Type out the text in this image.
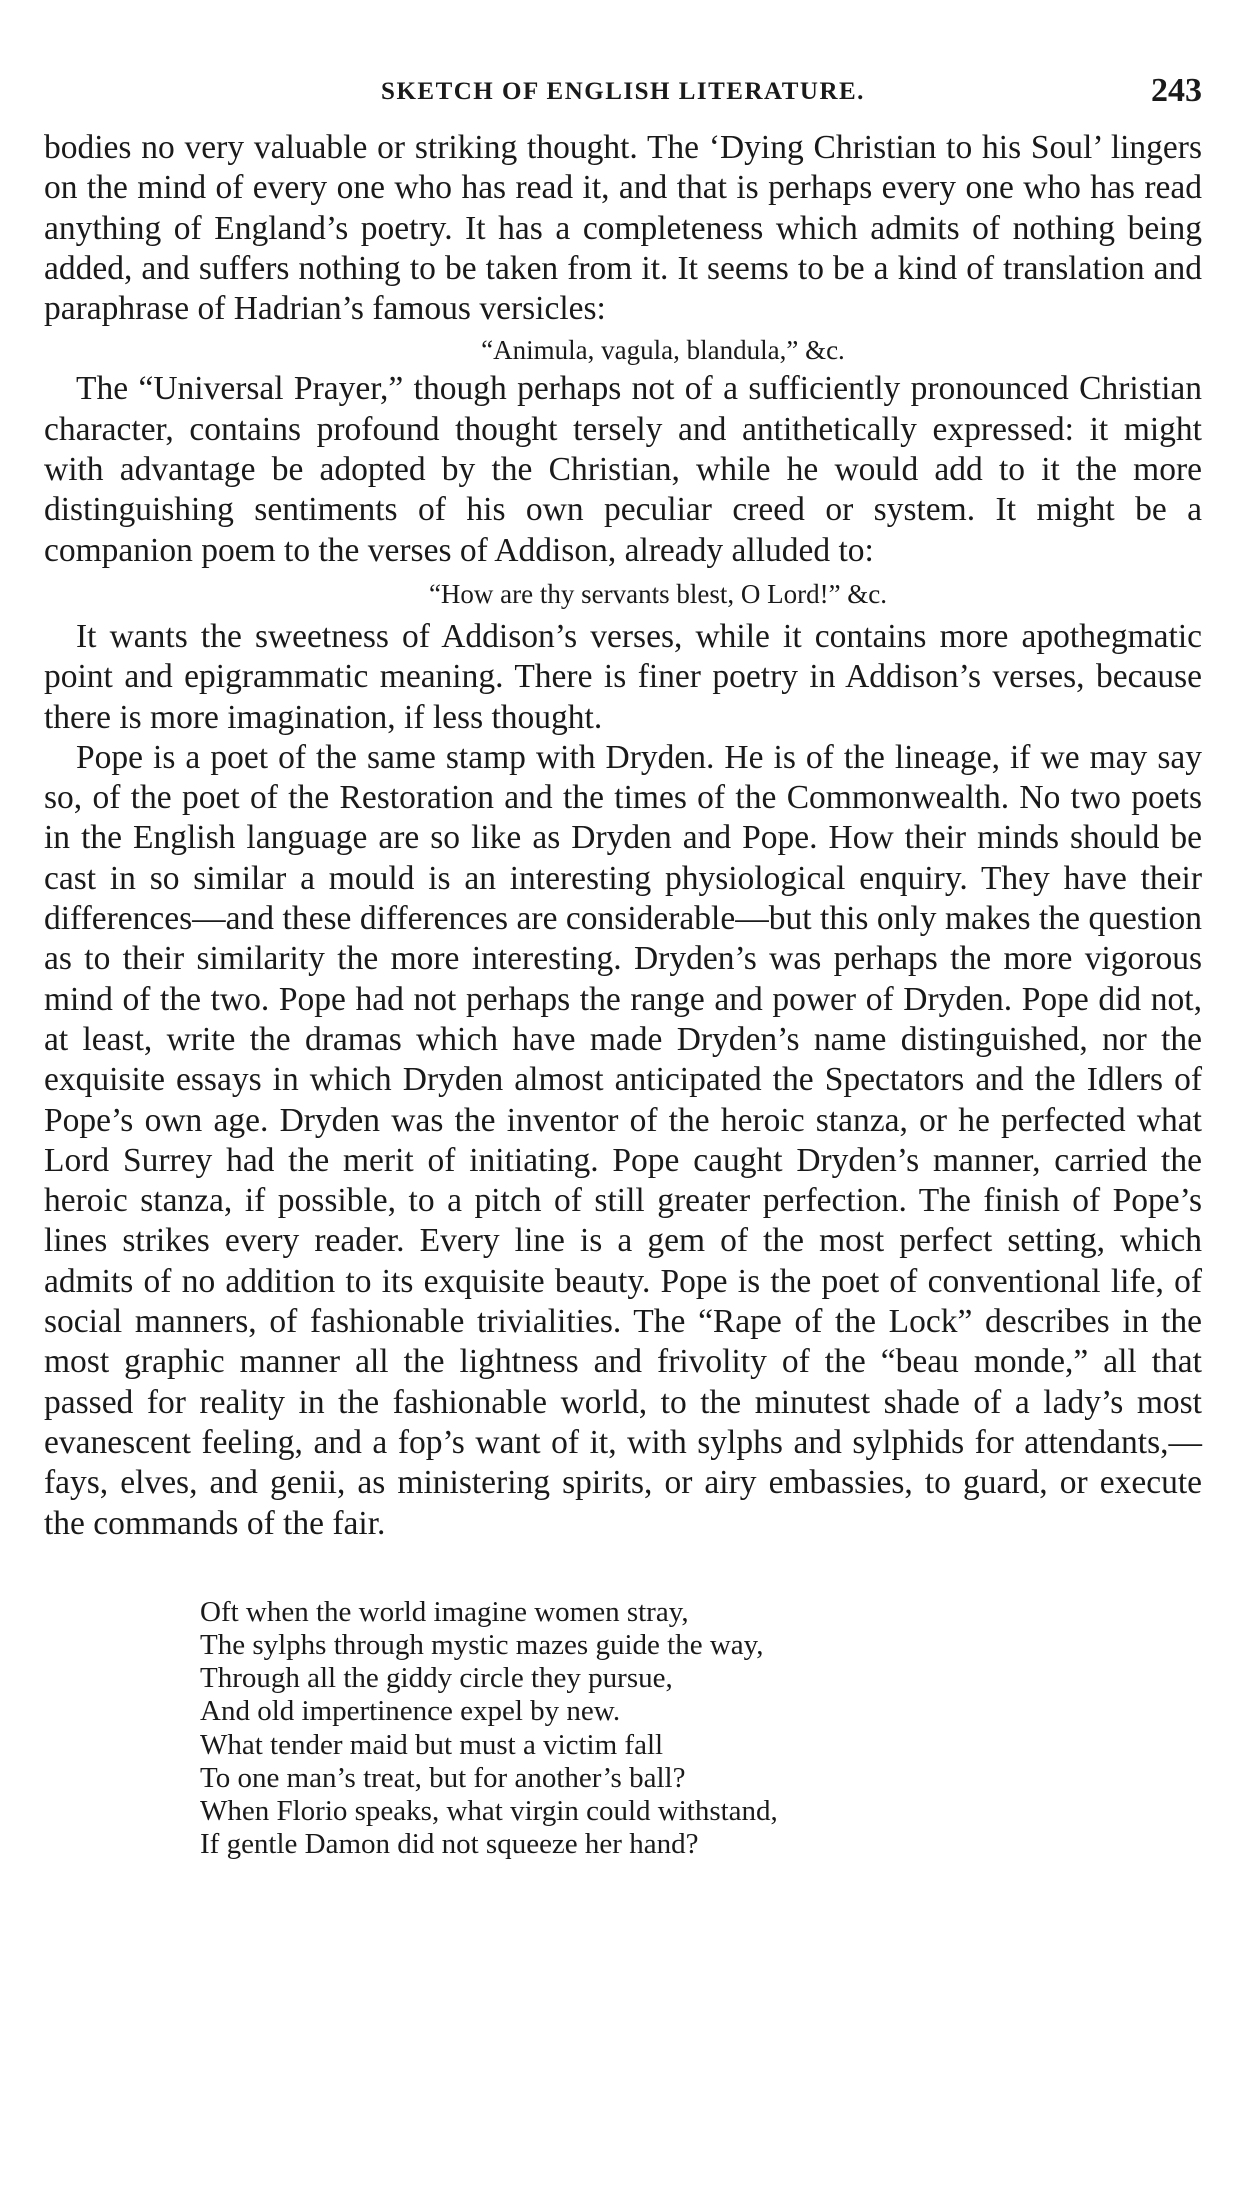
SKETCH OF ENGLISH LITERATURE.	243

bodies no very valuable or striking thought. The ‘Dying Christian to his Soul’ lingers on the mind of every one who has read it, and that is perhaps every one who has read anything of England’s poetry. It has a completeness which admits of nothing being added, and suffers nothing to be taken from it. It seems to be a kind of translation and paraphrase of Hadrian’s famous versicles:

“Animula, vagula, blandula,” &c.

The “Universal Prayer,” though perhaps not of a sufficiently pronounced Christian character, contains profound thought tersely and antithetically expressed: it might with advantage be adopted by the Christian, while he would add to it the more distinguishing sentiments of his own peculiar creed or system. It might be a companion poem to the verses of Addison, already alluded to:

“How are thy servants blest, O Lord!” &c.

It wants the sweetness of Addison’s verses, while it contains more apothegmatic point and epigrammatic meaning. There is finer poetry in Addison’s verses, because there is more imagination, if less thought.

Pope is a poet of the same stamp with Dryden. He is of the lineage, if we may say so, of the poet of the Restoration and the times of the Commonwealth. No two poets in the English language are so like as Dryden and Pope. How their minds should be cast in so similar a mould is an interesting physiological enquiry. They have their differences—and these differences are considerable—but this only makes the question as to their similarity the more interesting. Dryden’s was perhaps the more vigorous mind of the two. Pope had not perhaps the range and power of Dryden. Pope did not, at least, write the dramas which have made Dryden’s name distinguished, nor the exquisite essays in which Dryden almost anticipated the Spectators and the Idlers of Pope’s own age. Dryden was the inventor of the heroic stanza, or he perfected what Lord Surrey had the merit of initiating. Pope caught Dryden’s manner, carried the heroic stanza, if possible, to a pitch of still greater perfection. The finish of Pope’s lines strikes every reader. Every line is a gem of the most perfect setting, which admits of no addition to its exquisite beauty. Pope is the poet of conventional life, of social manners, of fashionable trivialities. The “Rape of the Lock” describes in the most graphic manner all the lightness and frivolity of the “beau monde,” all that passed for reality in the fashionable world, to the minutest shade of a lady’s most evanescent feeling, and a fop’s want of it, with sylphs and sylphids for attendants,—fays, elves, and genii, as ministering spirits, or airy embassies, to guard, or execute the commands of the fair.

Oft when the world imagine women stray,
The sylphs through mystic mazes guide the way,
Through all the giddy circle they pursue,
And old impertinence expel by new.
What tender maid but must a victim fall
To one man’s treat, but for another’s ball?
When Florio speaks, what virgin could withstand,
If gentle Damon did not squeeze her hand?
